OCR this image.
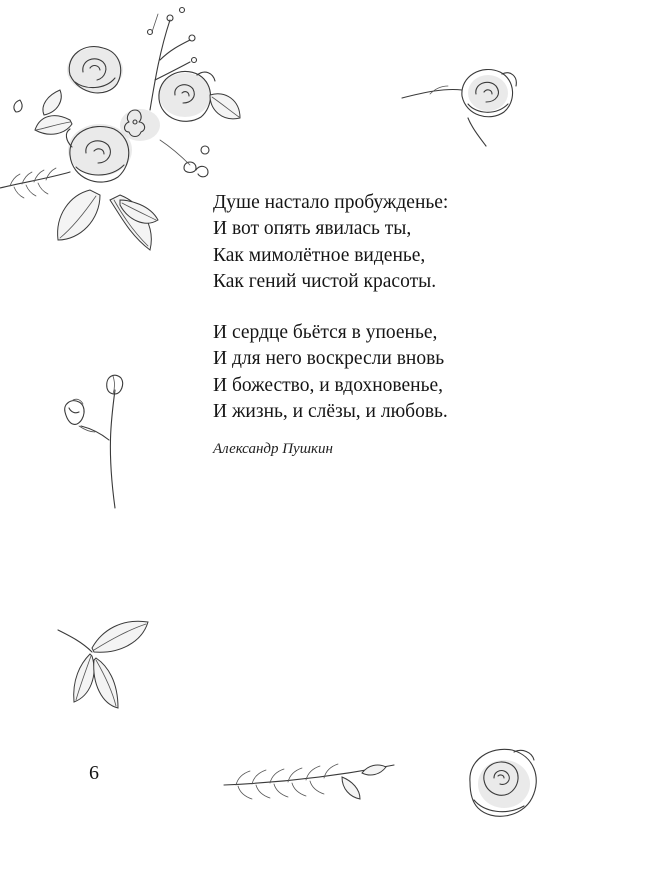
Душе настало пробужденье:
И вот опять явилась ты,
Как мимолётное виденье,
Как гений чистой красоты.
И сердце бьётся в упоенье,
И для него воскресли вновь
И божество, и вдохновенье,
И жизнь, и слёзы, и любовь.
Александр Пушкин
6
